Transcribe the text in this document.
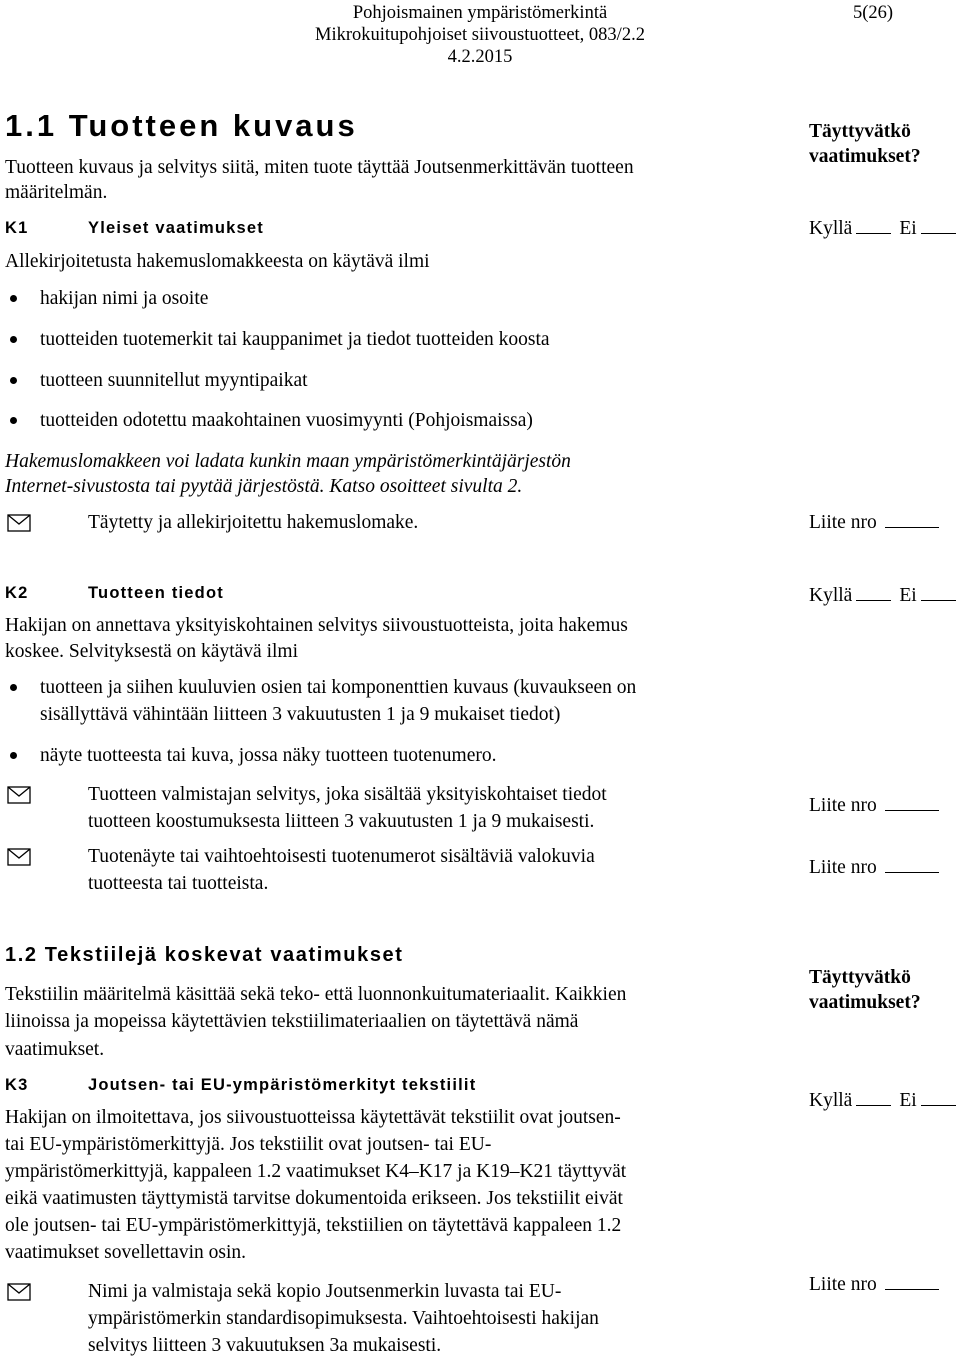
Pohjoismainen ympäristömerkintä
Mikrokuitupohjoiset siivoustuotteet, 083/2.2
4.2.2015
5(26)
1.1 Tuotteen kuvaus	Täyttyvätkö
vaatimukset?
Tuotteen kuvaus ja selvitys siitä, miten tuote täyttää Joutsenmerkittävän tuotteen
määritelmän.
K1	Yleiset vaatimukset	Kyllä Ei
Allekirjoitetusta hakemuslomakkeesta on käytävä ilmi
hakijan nimi ja osoite
tuotteiden tuotemerkit tai kauppanimet ja tiedot tuotteiden koosta
tuotteen suunnitellut myyntipaikat
tuotteiden odotettu maakohtainen vuosimyynti (Pohjoismaissa)
Hakemuslomakkeen voi ladata kunkin maan ympäristömerkintäjärjestön
Internet-sivustosta tai pyytää järjestöstä. Katso osoitteet sivulta 2.
Täytetty ja allekirjoitettu hakemuslomake.	Liite nro
K2	Tuotteen tiedot	Kyllä Ei
Hakijan on annettava yksityiskohtainen selvitys siivoustuotteista, joita hakemus
koskee. Selvityksestä on käytävä ilmi
tuotteen ja siihen kuuluvien osien tai komponenttien kuvaus (kuvaukseen on
sisällyttävä vähintään liitteen 3 vakuutusten 1 ja 9 mukaiset tiedot)
näyte tuotteesta tai kuva, jossa näky tuotteen tuotenumero.
Tuotteen valmistajan selvitys, joka sisältää yksityiskohtaiset tiedot
tuotteen koostumuksesta liitteen 3 vakuutusten 1 ja 9 mukaisesti.
Liite nro
Tuotenäyte tai vaihtoehtoisesti tuotenumerot sisältäviä valokuvia
tuotteesta tai tuotteista.
Liite nro
1.2 Tekstiilejä koskevat vaatimukset
Täyttyvätkö
vaatimukset?
Tekstiilin määritelmä käsittää sekä teko- että luonnonkuitumateriaalit. Kaikkien
liinoissa ja mopeissa käytettävien tekstiilimateriaalien on täytettävä nämä
vaatimukset.
K3	Joutsen- tai EU-ympäristömerkityt tekstiilit
Kyllä Ei
Hakijan on ilmoitettava, jos siivoustuotteissa käytettävät tekstiilit ovat joutsen-
tai EU-ympäristömerkittyjä. Jos tekstiilit ovat joutsen- tai EU-
ympäristömerkittyjä, kappaleen 1.2 vaatimukset K4–K17 ja K19–K21 täyttyvät
eikä vaatimusten täyttymistä tarvitse dokumentoida erikseen. Jos tekstiilit eivät
ole joutsen- tai EU-ympäristömerkittyjä, tekstiilien on täytettävä kappaleen 1.2
vaatimukset sovellettavin osin.
Nimi ja valmistaja sekä kopio Joutsenmerkin luvasta tai EU-
ympäristömerkin standardisopimuksesta. Vaihtoehtoisesti hakijan
selvitys liitteen 3 vakuutuksen 3a mukaisesti.
Liite nro
